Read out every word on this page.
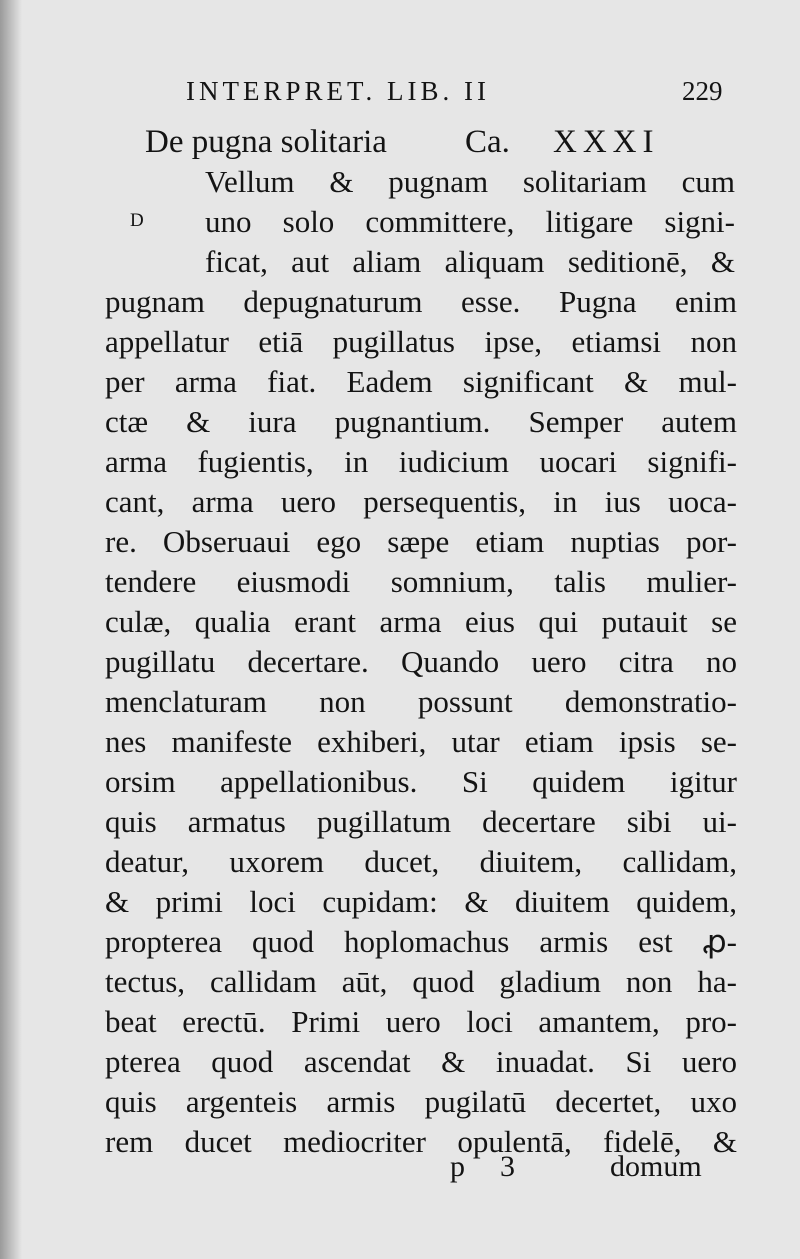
INTERPRET. LIB. II	229
De pugna solitaria Ca. XXXI
D
Vellum & pugnam solitariam cum
uno solo committere, litigare signi-
ficat, aut aliam aliquam seditionē, &
pugnam depugnaturum esse. Pugna enim
appellatur etiā pugillatus ipse, etiamsi non
per arma fiat. Eadem significant & mul-
ctæ & iura pugnantium. Semper autem
arma fugientis, in iudicium uocari signifi-
cant, arma uero persequentis, in ius uoca-
re. Obseruaui ego sæpe etiam nuptias por-
tendere eiusmodi somnium, talis mulier-
culæ, qualia erant arma eius qui putauit se
pugillatu decertare. Quando uero citra no
menclaturam non possunt demonstratio-
nes manifeste exhiberi, utar etiam ipsis se-
orsim appellationibus. Si quidem igitur
quis armatus pugillatum decertare sibi ui-
deatur, uxorem ducet, diuitem, callidam,
& primi loci cupidam: & diuitem quidem,
propterea quod hoplomachus armis est ꝓ-
tectus, callidam aūt, quod gladium non ha-
beat erectū. Primi uero loci amantem, pro-
pterea quod ascendat & inuadat. Si uero
quis argenteis armis pugilatū decertet, uxo
rem ducet mediocriter opulentā, fidelē, &
p 3	domum
